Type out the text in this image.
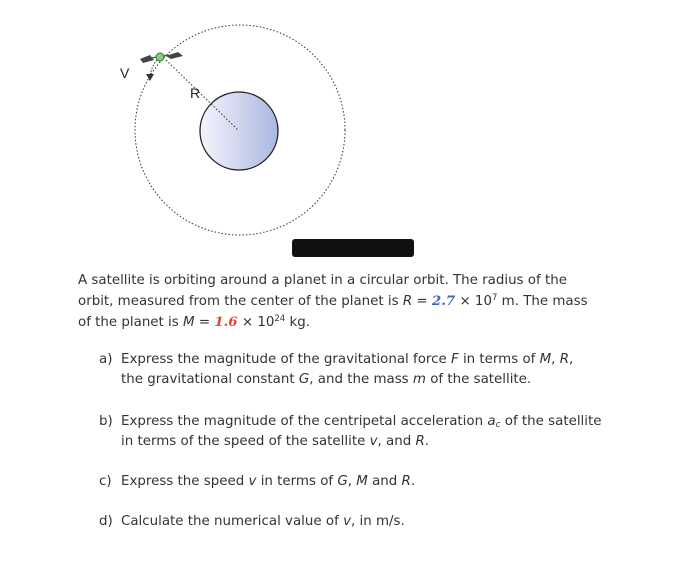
V
R

A satellite is orbiting around a planet in a circular orbit. The radius of the

orbit, measured from the center of the planet is $R = 2.7 \times 10^7$ m. The mass

of the planet is $M = 1.6 \times 10^{24}$ kg.

a) Express the magnitude of the gravitational force F in terms of M, R,
the gravitational constant G, and the mass m of the satellite.
b) Express the magnitude of the centripetal acceleration $a_c$ of the satellite
in terms of the speed of the satellite v, and R.
c) Express the speed v in terms of G, M and R.
d) Calculate the numerical value of v, in m/s.
